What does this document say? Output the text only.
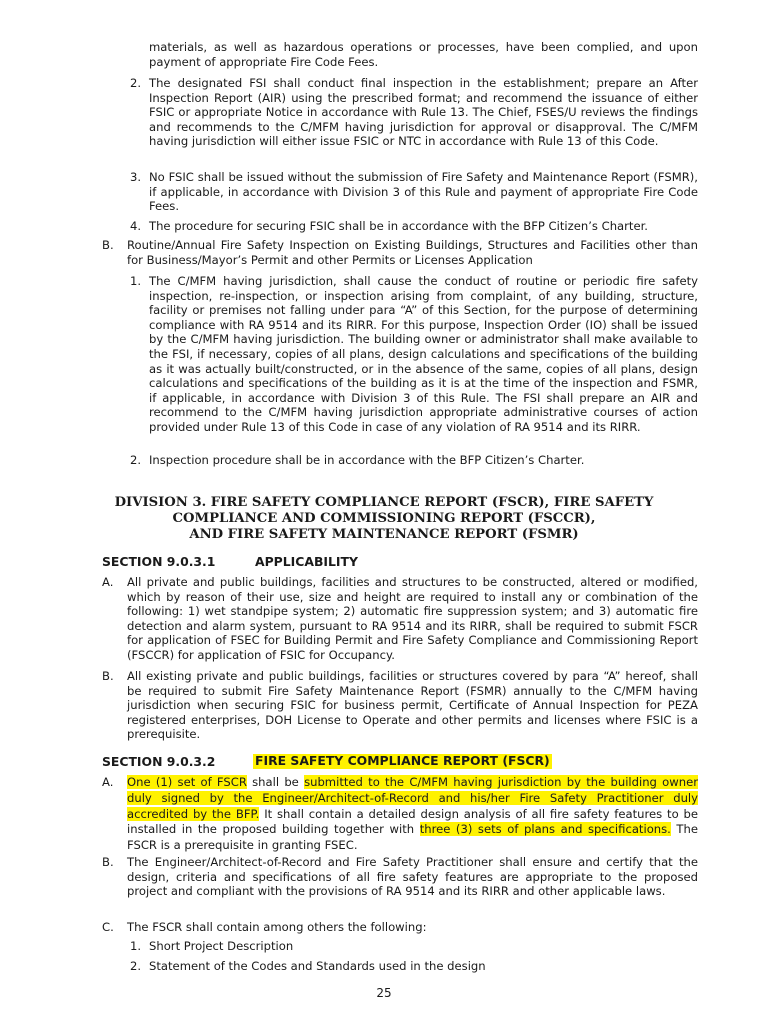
materials, as well as hazardous operations or processes, have been complied, and upon payment of appropriate Fire Code Fees.
2. The designated FSI shall conduct final inspection in the establishment; prepare an After Inspection Report (AIR) using the prescribed format; and recommend the issuance of either FSIC or appropriate Notice in accordance with Rule 13. The Chief, FSES/U reviews the findings and recommends to the C/MFM having jurisdiction for approval or disapproval. The C/MFM having jurisdiction will either issue FSIC or NTC in accordance with Rule 13 of this Code.
3. No FSIC shall be issued without the submission of Fire Safety and Maintenance Report (FSMR), if applicable, in accordance with Division 3 of this Rule and payment of appropriate Fire Code Fees.
4. The procedure for securing FSIC shall be in accordance with the BFP Citizen’s Charter.
B. Routine/Annual Fire Safety Inspection on Existing Buildings, Structures and Facilities other than for Business/Mayor’s Permit and other Permits or Licenses Application
1. The C/MFM having jurisdiction, shall cause the conduct of routine or periodic fire safety inspection, re-inspection, or inspection arising from complaint, of any building, structure, facility or premises not falling under para “A” of this Section, for the purpose of determining compliance with RA 9514 and its RIRR. For this purpose, Inspection Order (IO) shall be issued by the C/MFM having jurisdiction. The building owner or administrator shall make available to the FSI, if necessary, copies of all plans, design calculations and specifications of the building as it was actually built/constructed, or in the absence of the same, copies of all plans, design calculations and specifications of the building as it is at the time of the inspection and FSMR, if applicable, in accordance with Division 3 of this Rule. The FSI shall prepare an AIR and recommend to the C/MFM having jurisdiction appropriate administrative courses of action provided under Rule 13 of this Code in case of any violation of RA 9514 and its RIRR.
2. Inspection procedure shall be in accordance with the BFP Citizen’s Charter.
DIVISION 3. FIRE SAFETY COMPLIANCE REPORT (FSCR), FIRE SAFETY
COMPLIANCE AND COMMISSIONING REPORT (FSCCR),
AND FIRE SAFETY MAINTENANCE REPORT (FSMR)
SECTION 9.0.3.1	APPLICABILITY
A. All private and public buildings, facilities and structures to be constructed, altered or modified, which by reason of their use, size and height are required to install any or combination of the following: 1) wet standpipe system; 2) automatic fire suppression system; and 3) automatic fire detection and alarm system, pursuant to RA 9514 and its RIRR, shall be required to submit FSCR for application of FSEC for Building Permit and Fire Safety Compliance and Commissioning Report (FSCCR) for application of FSIC for Occupancy.
B. All existing private and public buildings, facilities or structures covered by para “A” hereof, shall be required to submit Fire Safety Maintenance Report (FSMR) annually to the C/MFM having jurisdiction when securing FSIC for business permit, Certificate of Annual Inspection for PEZA registered enterprises, DOH License to Operate and other permits and licenses where FSIC is a prerequisite.
SECTION 9.0.3.2	FIRE SAFETY COMPLIANCE REPORT (FSCR)
A. One (1) set of FSCR shall be submitted to the C/MFM having jurisdiction by the building owner duly signed by the Engineer/Architect-of-Record and his/her Fire Safety Practitioner duly accredited by the BFP. It shall contain a detailed design analysis of all fire safety features to be installed in the proposed building together with three (3) sets of plans and specifications. The FSCR is a prerequisite in granting FSEC.
B. The Engineer/Architect-of-Record and Fire Safety Practitioner shall ensure and certify that the design, criteria and specifications of all fire safety features are appropriate to the proposed project and compliant with the provisions of RA 9514 and its RIRR and other applicable laws.
C. The FSCR shall contain among others the following:
1. Short Project Description
2. Statement of the Codes and Standards used in the design
25
